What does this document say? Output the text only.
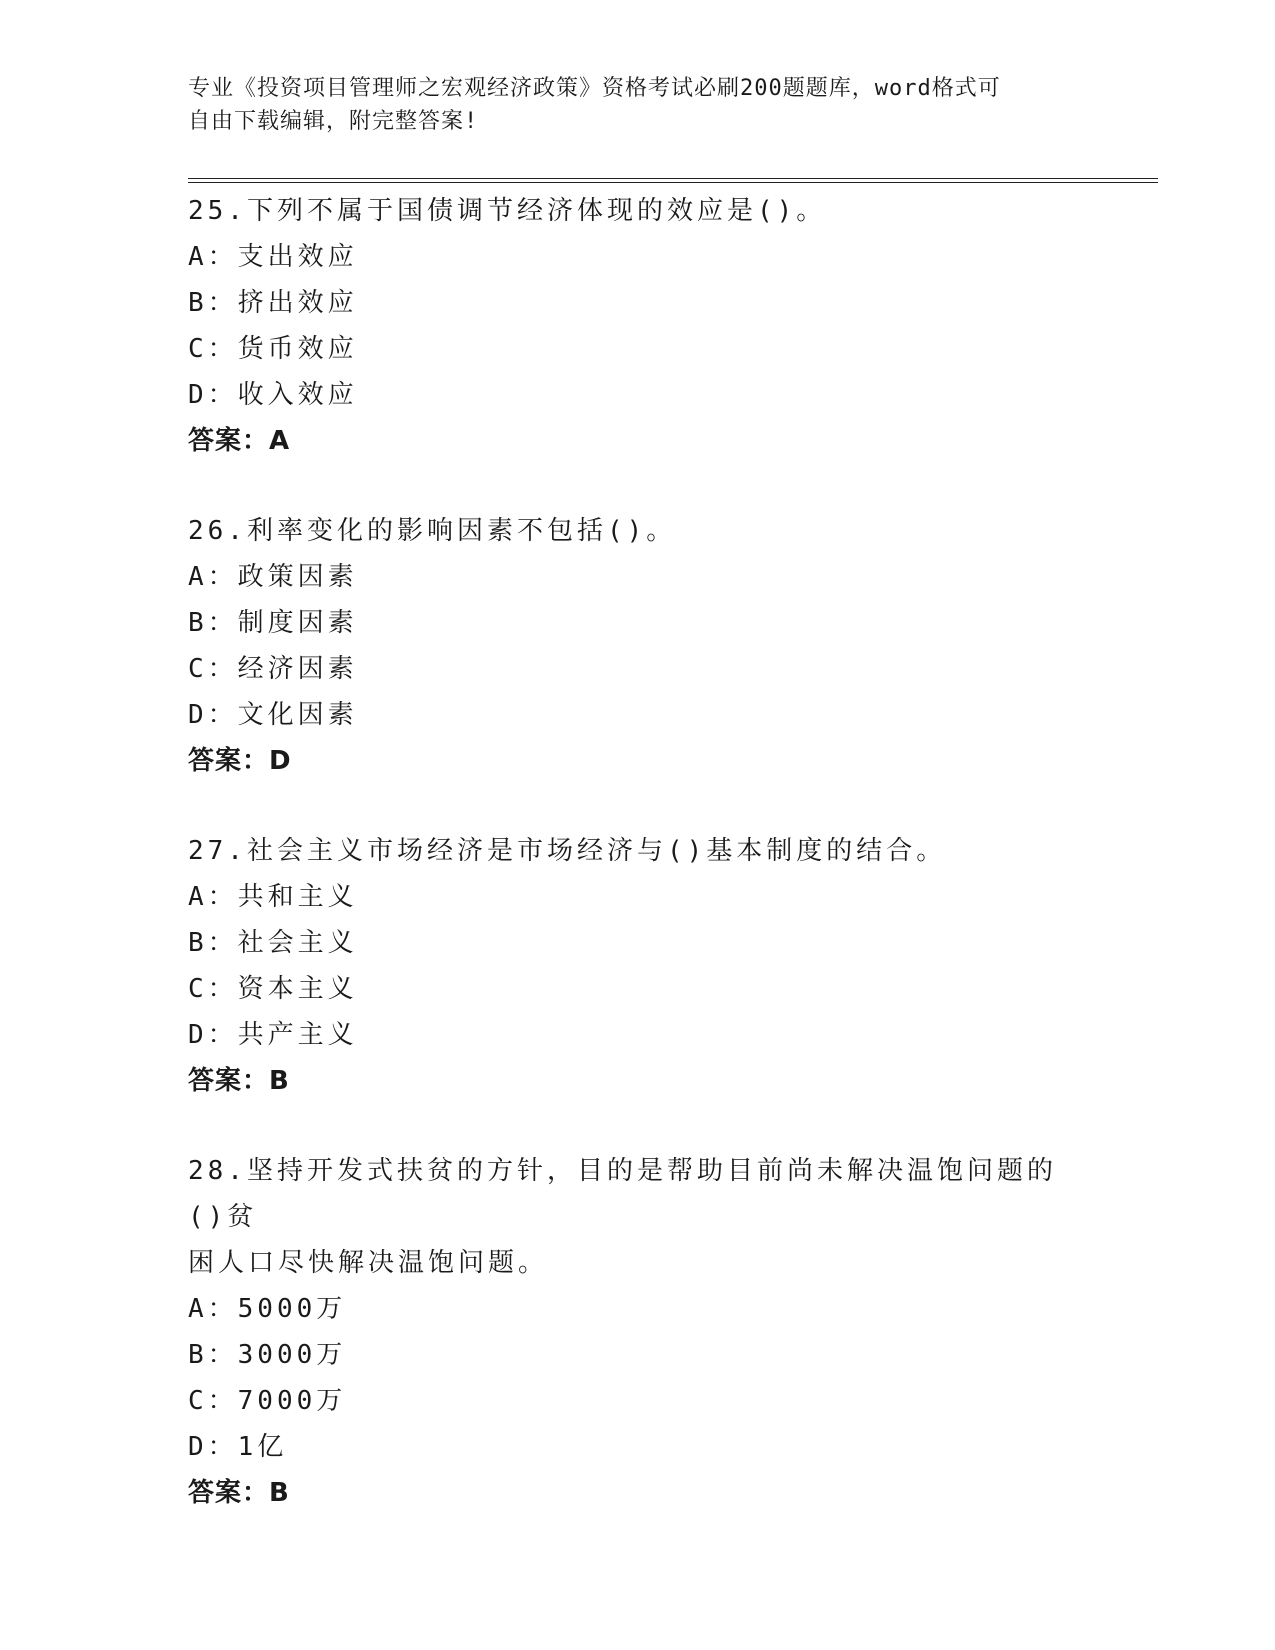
专业《投资项目管理师之宏观经济政策》资格考试必刷200题题库，word格式可
自由下载编辑，附完整答案!
25.下列不属于国债调节经济体现的效应是()。
A：支出效应
B：挤出效应
C：货币效应
D：收入效应
答案：A
26.利率变化的影响因素不包括()。
A：政策因素
B：制度因素
C：经济因素
D：文化因素
答案：D
27.社会主义市场经济是市场经济与()基本制度的结合。
A：共和主义
B：社会主义
C：资本主义
D：共产主义
答案：B
28.坚持开发式扶贫的方针，目的是帮助目前尚未解决温饱问题的()贫
困人口尽快解决温饱问题。
A：5000万
B：3000万
C：7000万
D：1亿
答案：B
